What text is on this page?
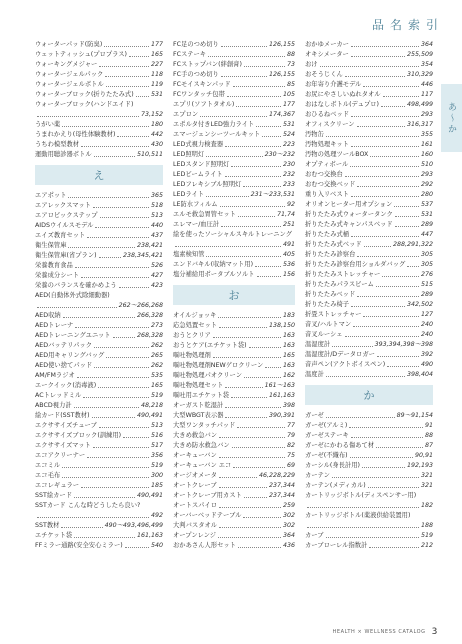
品名索引
あ〜か
ウォーターパッド(防臭)	177
ウェットティッシュ(プロプラス)	165
ウォーキングメジャー	227
ウォータージェルパック	118
ウォータージェルボトル	119
ウォーターブロック(折りたたみ式)	531
ウォーターブロック(ハンドエイド)
73,152
うがい薬	180
うまれかえり(母性体験教材)	442
うちわ模型教材	430
運動用聴診器ボトル	510,511
え
エアポット	365
エアレックスマット	518
エアロビックステップ	513
AIDSウイルスモデル	440
エイズ教育セット	437
衛生保管庫	238,421
衛生保管庫(省プラン)	238,345,421
栄養教育食品	526
栄養成分シート	427
栄養のバランスを確かめよう	423
AED(自動体外式除細動器)
262〜266,268
AED収納	266,328
AEDトレーナ	273
AEDトレーニングユニット	268,328
AEDバッテリパック	262
AED用キャリングバッグ	265
AED使い捨てパッド	262
AM/FMラジオ	535
エークイック(消毒液)	165
ACトレッドミル	519
ABCD視力計	48,218
絵カード(SST教材)	490,491
エクササイズチューブ	513
エクササイズブロック(訓練用)	516
エクササイズマット	517
エコアクリーナー	356
エコミル	519
エコ毛布	300
エコレギュラー	185
SST絵カード	490,491
SSTカード こんな時どうしたら良い?
492
SST教材	490〜493,496,499
エチケット袋	161,163
FFミラー通路(安全安心ミラー)	540
FC足のつめ切り	126,155
FCステーキ	88
FCストップバン(絆創膏)	73
FC手のつめ切り	126,155
FCモイスキンパッド	85
FCワンタッチ包帯	105
エプリ(ソフトタオル)	177
エプロン	174,367
エポルタ付きLED強力ライト	531
エマージェンシーツールキット	524
LED式視力検査器	223
LED照明灯	230〜232
LEDスタンド照明灯	230
LEDビームライト	232
LEDフレキシブル照明灯	233
LEDライト	231〜233,531
LE防水フィルム	92
エルモ救急胃管セット	71,74
エレマー/血圧計	251
絵を使ったソーシャルスキルトレーニング
491
塩素検知管	405
エンドバキル(収納マット用)	536
塩分補給用ポータブルソルト	156
お
オイルジョッキ	183
応急処置セット	138,150
おうとクリア	163
おうとケア(エチケット袋)	163
嘔吐物処理剤	165
嘔吐物処理剤NEWゲロクリーン	163
嘔吐物処理パオクリーン	162
嘔吐物処理セット	161〜163
嘔吐用エチケット袋	161,163
オーガスト乾湿計	398
大型WBGT表示器	390,391
大型ワンタッチパッド	77
大きめ救急バン	79
大きめ防水救急バン	82
オーキューバン	75
オーキューバン エコ	69
オージオメータ	46,228,229
オートクレーブ	237,344
オートクレーブ用カスト	237,344
オートスパイロ	259
オーバーベッドテーブル	302
大判バスタオル	302
オープンレンジ	364
おかあさん人形セット	436
おかゆメーカー	364
オキシメーター	255,509
おけ	354
おそうじくん	310,329
お年寄り介護モデル	446
お尻にやさしいぬれタオル	117
おはなしボトル(デュプロ)	498,499
おひるねベッド	293
オフィスクリーン	316,317
汚物缶	355
汚物処理キット	161
汚物の処理ツールBOX	160
オプティボール	510
おむつ交換台	293
おむつ交換ベッド	292
重り入リベスト	280
オリオンヒーター用オプション	537
折りたたみ式ウォータータンク	531
折りたたみ式キャンパスベッド	289
折りたたみ式桶	447
折りたたみ式ベッド	288,291,322
折りたたみ診察台	305
折りたたみ診察台用ショルダバッグ 305
折りたたみストレッチャー	276
折りたたみパラスビーム	515
折りたたみベッド	289
折りたたみ椅子	342,502
折畳ストレッチャー	127
音叉/ハルトマン	240
音叉ルーシェ	240
温湿度計	393,394,398〜398
温湿度計/Dデータロガー	392
音声ペン(アクトボイスペン)	490
温度計	398,404
か
ガーゼ	89〜91,154
ガーゼ(アルミ)	91
ガーゼステーキ	88
ガーゼにかわる傷あて材	87
ガーゼ(不織布)	90,91
カーシル(身長計用)	192,193
カーテン	321
カーテン(メディカル)	321
カートリッジボトル(ディスペンサー用)
182
カートリッジボトル(薬液供給装置用)
188
カーブ	519
カーブローレル指数計	212
HEALTH × WELLNESS CATALOG 3
